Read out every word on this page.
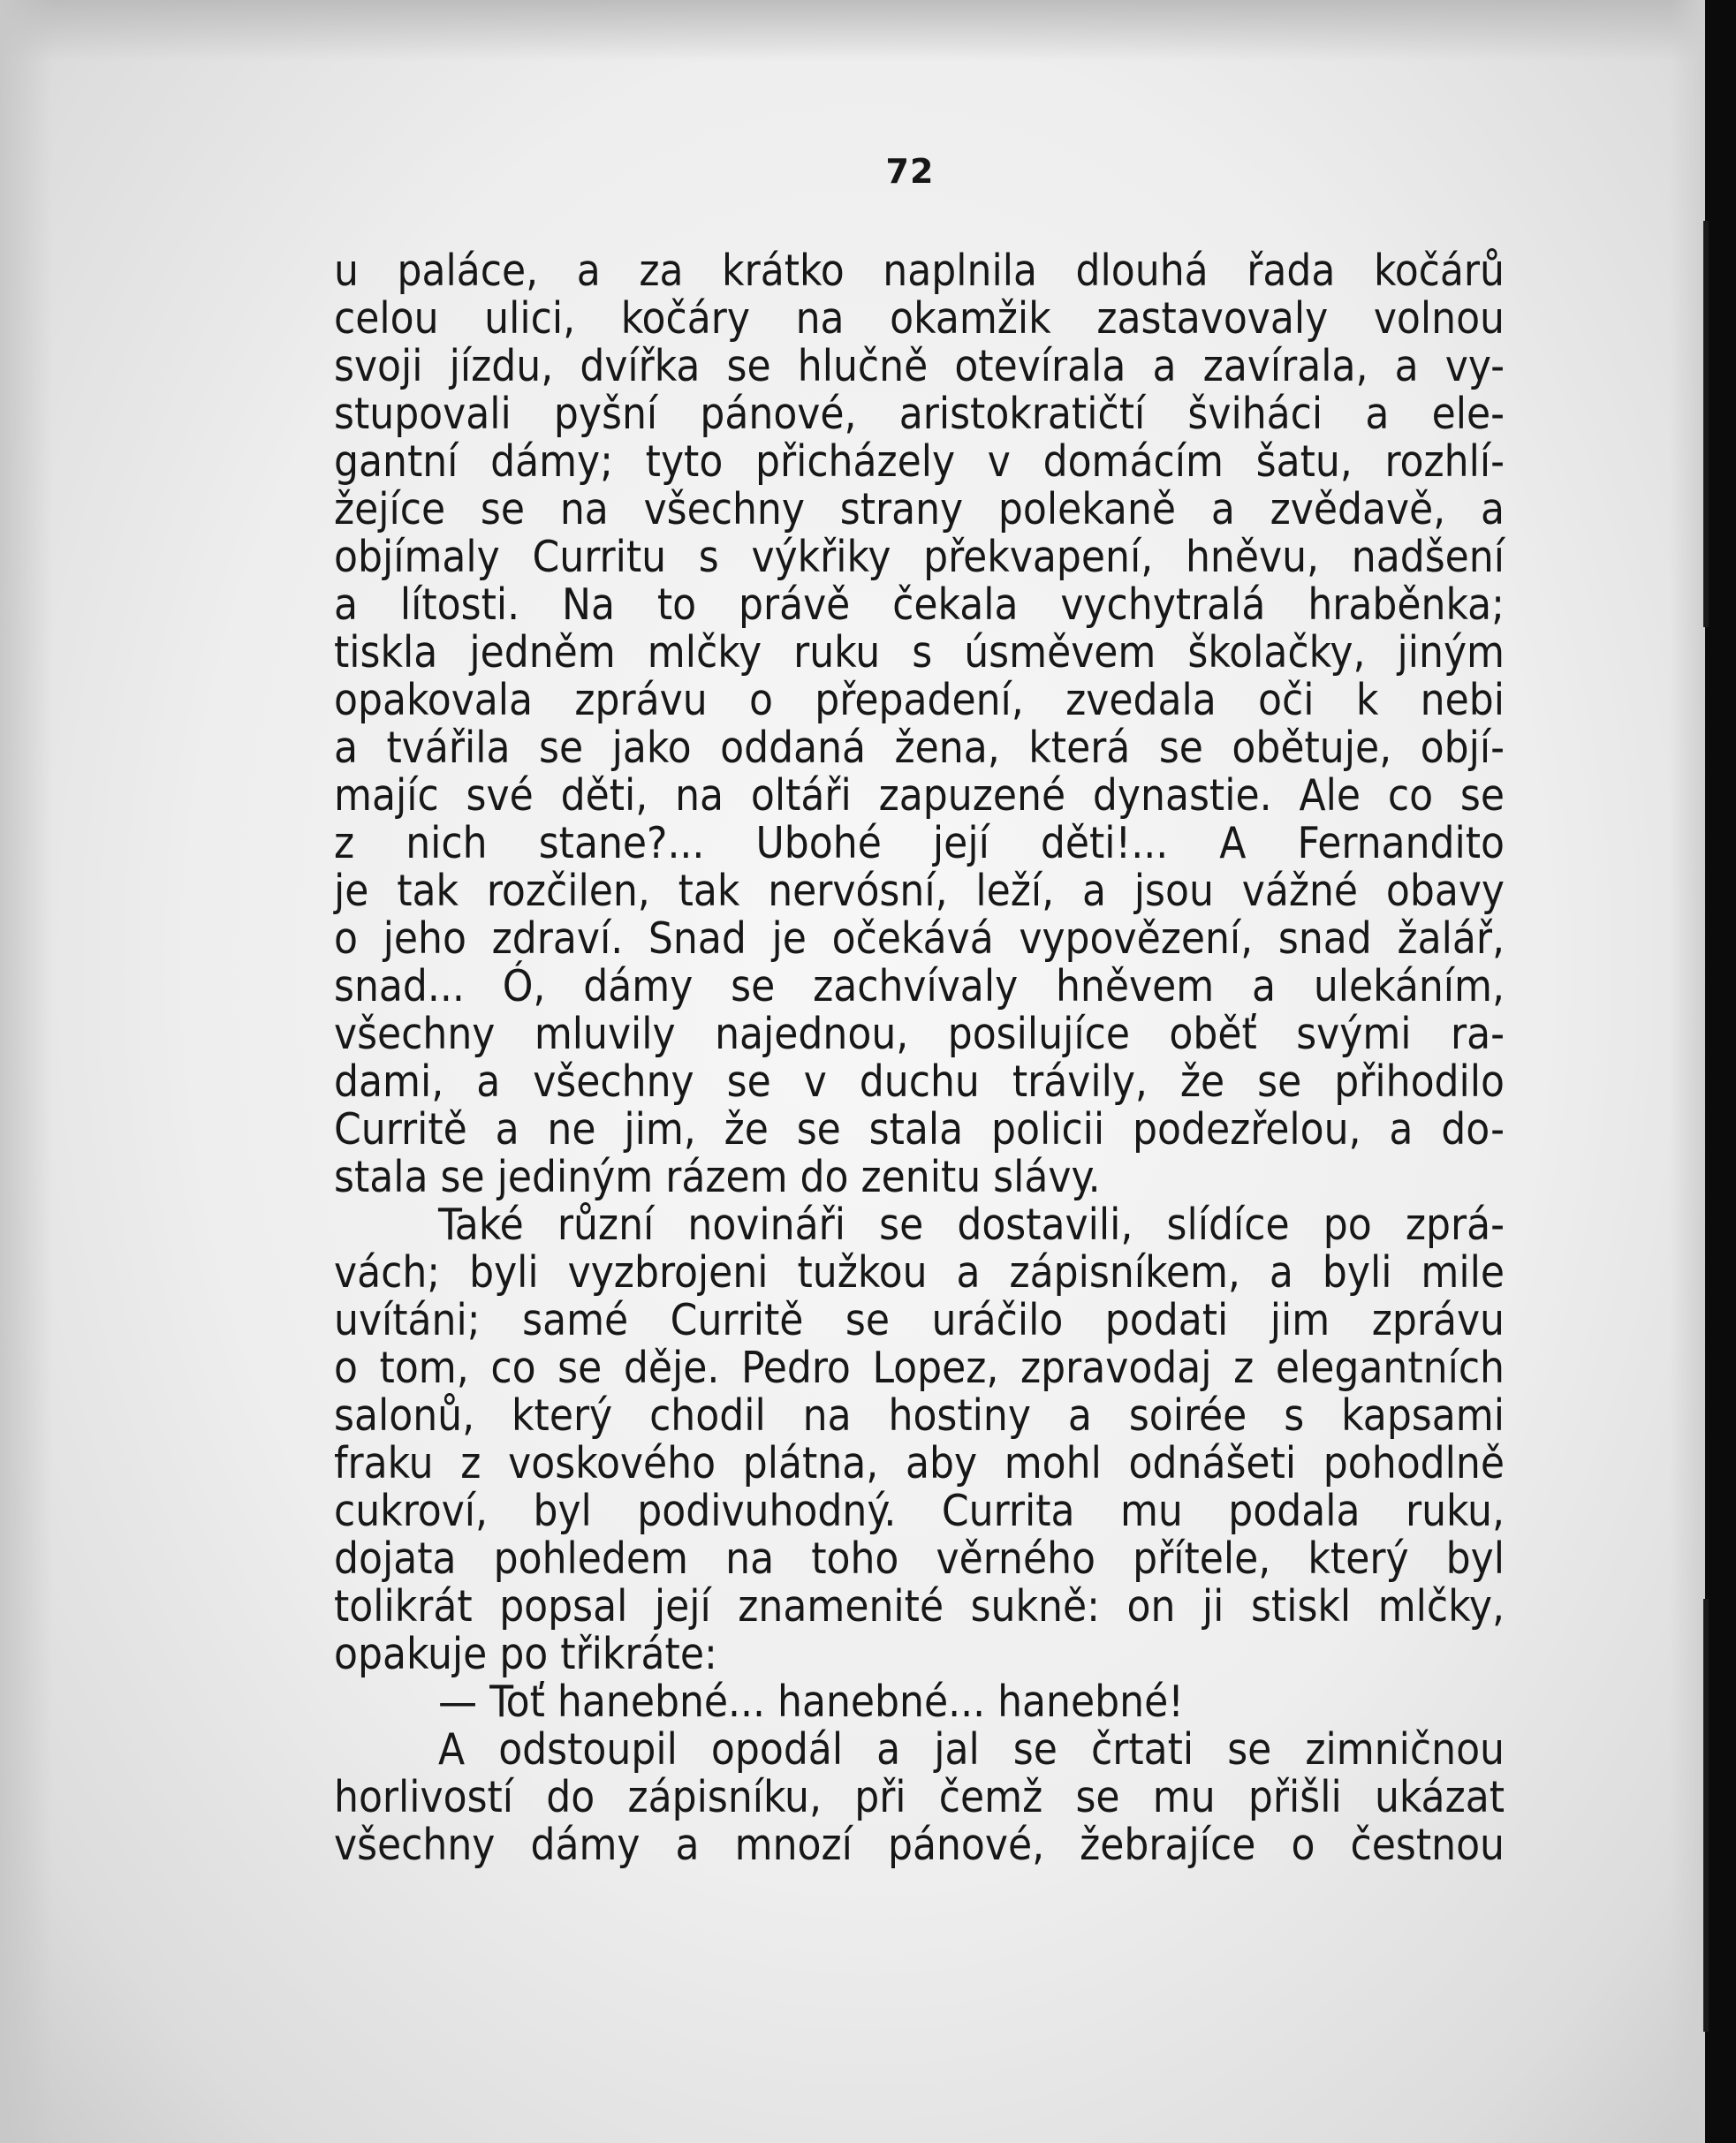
72
u paláce, a za krátko naplnila dlouhá řada kočárů
celou ulici, kočáry na okamžik zastavovaly volnou
svoji jízdu, dvířka se hlučně otevírala a zavírala, a vy-
stupovali pyšní pánové, aristokratičtí šviháci a ele-
gantní dámy; tyto přicházely v domácím šatu, rozhlí-
žejíce se na všechny strany polekaně a zvědavě, a
objímaly Curritu s výkřiky překvapení, hněvu, nadšení
a lítosti. Na to právě čekala vychytralá hraběnka;
tiskla jedněm mlčky ruku s úsměvem školačky, jiným
opakovala zprávu o přepadení, zvedala oči k nebi
a tvářila se jako oddaná žena, která se obětuje, objí-
majíc své děti, na oltáři zapuzené dynastie. Ale co se
z nich stane?... Ubohé její děti!... A Fernandito
je tak rozčilen, tak nervósní, leží, a jsou vážné obavy
o jeho zdraví. Snad je očekává vypovězení, snad žalář,
snad... Ó, dámy se zachvívaly hněvem a ulekáním,
všechny mluvily najednou, posilujíce oběť svými ra-
dami, a všechny se v duchu trávily, že se přihodilo
Curritě a ne jim, že se stala policii podezřelou, a do-
stala se jediným rázem do zenitu slávy.
Také různí novináři se dostavili, slídíce po zprá-
vách; byli vyzbrojeni tužkou a zápisníkem, a byli mile
uvítáni; samé Curritě se uráčilo podati jim zprávu
o tom, co se děje. Pedro Lopez, zpravodaj z elegantních
salonů, který chodil na hostiny a soirée s kapsami
fraku z voskového plátna, aby mohl odnášeti pohodlně
cukroví, byl podivuhodný. Currita mu podala ruku,
dojata pohledem na toho věrného přítele, který byl
tolikrát popsal její znamenité sukně: on ji stiskl mlčky,
opakuje po třikráte:
— Toť hanebné... hanebné... hanebné!
A odstoupil opodál a jal se črtati se zimničnou
horlivostí do zápisníku, při čemž se mu přišli ukázat
všechny dámy a mnozí pánové, žebrajíce o čestnou
